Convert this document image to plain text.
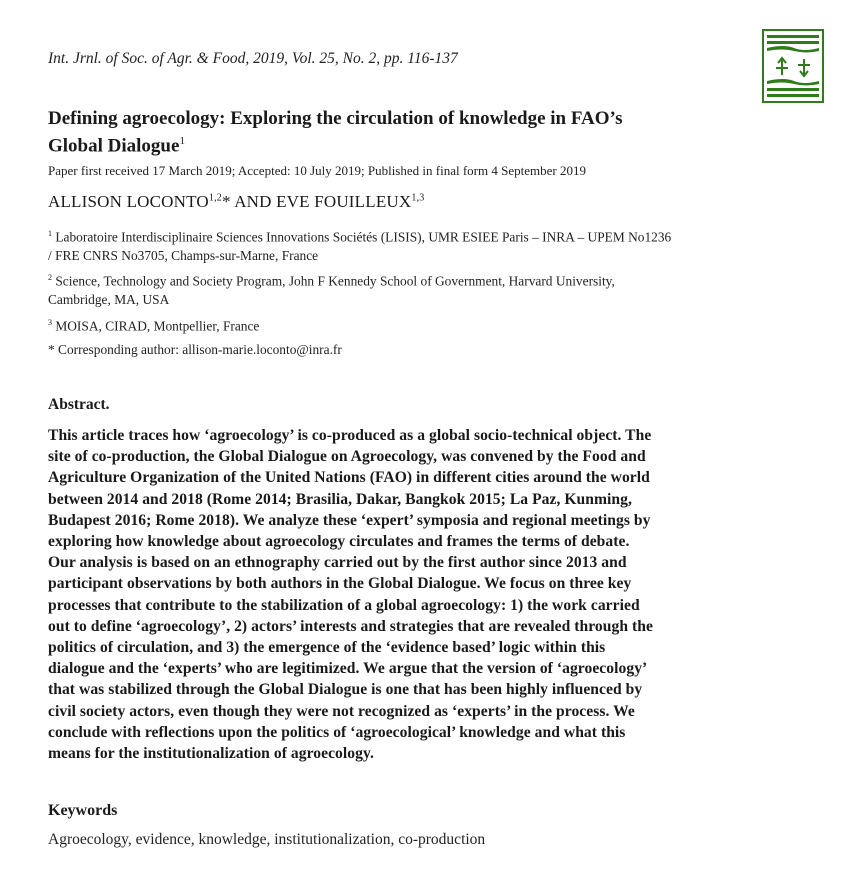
Int. Jrnl. of Soc. of Agr. & Food, 2019, Vol. 25, No. 2, pp. 116-137
Defining agroecology: Exploring the circulation of knowledge in FAO’s
Global Dialogue$^1$
Paper first received 17 March 2019; Accepted: 10 July 2019; Published in final form 4 September 2019
ALLISON LOCONTO$^{1,2}$* AND EVE FOUILLEUX$^{1,3}$
$^1$ Laboratoire Interdisciplinaire Sciences Innovations Sociétés (LISIS), UMR ESIEE Paris – INRA – UPEM No1236
/ FRE CNRS No3705, Champs-sur-Marne, France
$^2$ Science, Technology and Society Program, John F Kennedy School of Government, Harvard University,
Cambridge, MA, USA
$^3$ MOISA, CIRAD, Montpellier, France
* Corresponding author: allison-marie.loconto@inra.fr
Abstract.
This article traces how ‘agroecology’ is co-produced as a global socio-technical object. The
site of co-production, the Global Dialogue on Agroecology, was convened by the Food and
Agriculture Organization of the United Nations (FAO) in different cities around the world
between 2014 and 2018 (Rome 2014; Brasilia, Dakar, Bangkok 2015; La Paz, Kunming,
Budapest 2016; Rome 2018). We analyze these ‘expert’ symposia and regional meetings by
exploring how knowledge about agroecology circulates and frames the terms of debate.
Our analysis is based on an ethnography carried out by the first author since 2013 and
participant observations by both authors in the Global Dialogue. We focus on three key
processes that contribute to the stabilization of a global agroecology: 1) the work carried
out to define ‘agroecology’, 2) actors’ interests and strategies that are revealed through the
politics of circulation, and 3) the emergence of the ‘evidence based’ logic within this
dialogue and the ‘experts’ who are legitimized. We argue that the version of ‘agroecology’
that was stabilized through the Global Dialogue is one that has been highly influenced by
civil society actors, even though they were not recognized as ‘experts’ in the process. We
conclude with reflections upon the politics of ‘agroecological’ knowledge and what this
means for the institutionalization of agroecology.
Keywords
Agroecology, evidence, knowledge, institutionalization, co-production
